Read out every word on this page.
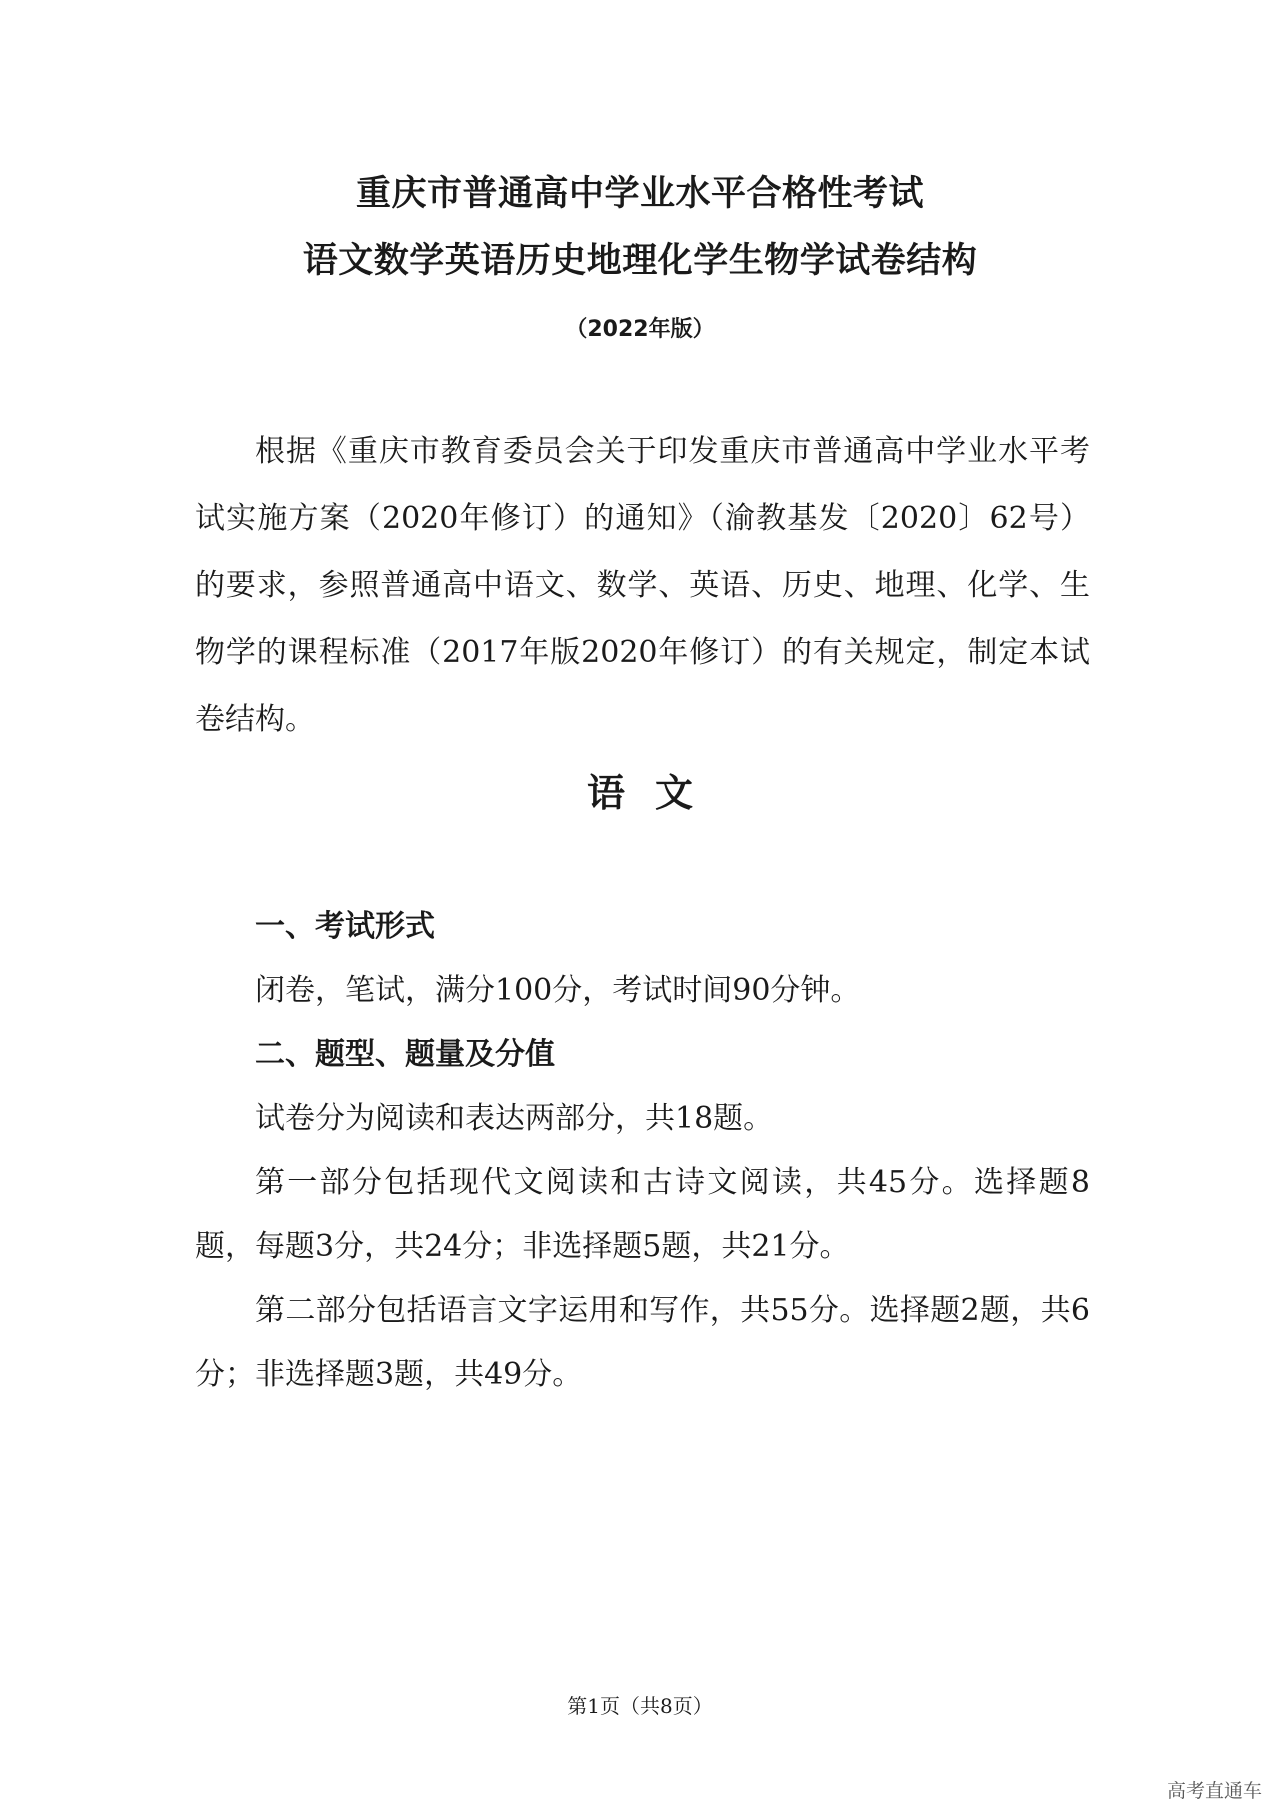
重庆市普通高中学业水平合格性考试
语文数学英语历史地理化学生物学试卷结构
（2022年版）

根据《重庆市教育委员会关于印发重庆市普通高中学业水平考试实施方案（2020年修订）的通知》（渝教基发〔2020〕62号）的要求，参照普通高中语文、数学、英语、历史、地理、化学、生物学的课程标准（2017年版2020年修订）的有关规定，制定本试卷结构。

语文

一、考试形式

闭卷，笔试，满分100分，考试时间90分钟。

二、题型、题量及分值

试卷分为阅读和表达两部分，共18题。

第一部分包括现代文阅读和古诗文阅读，共45分。选择题8题，每题3分，共24分；非选择题5题，共21分。

第二部分包括语言文字运用和写作，共55分。选择题2题，共6分；非选择题3题，共49分。

第1页（共8页）
高考直通车
